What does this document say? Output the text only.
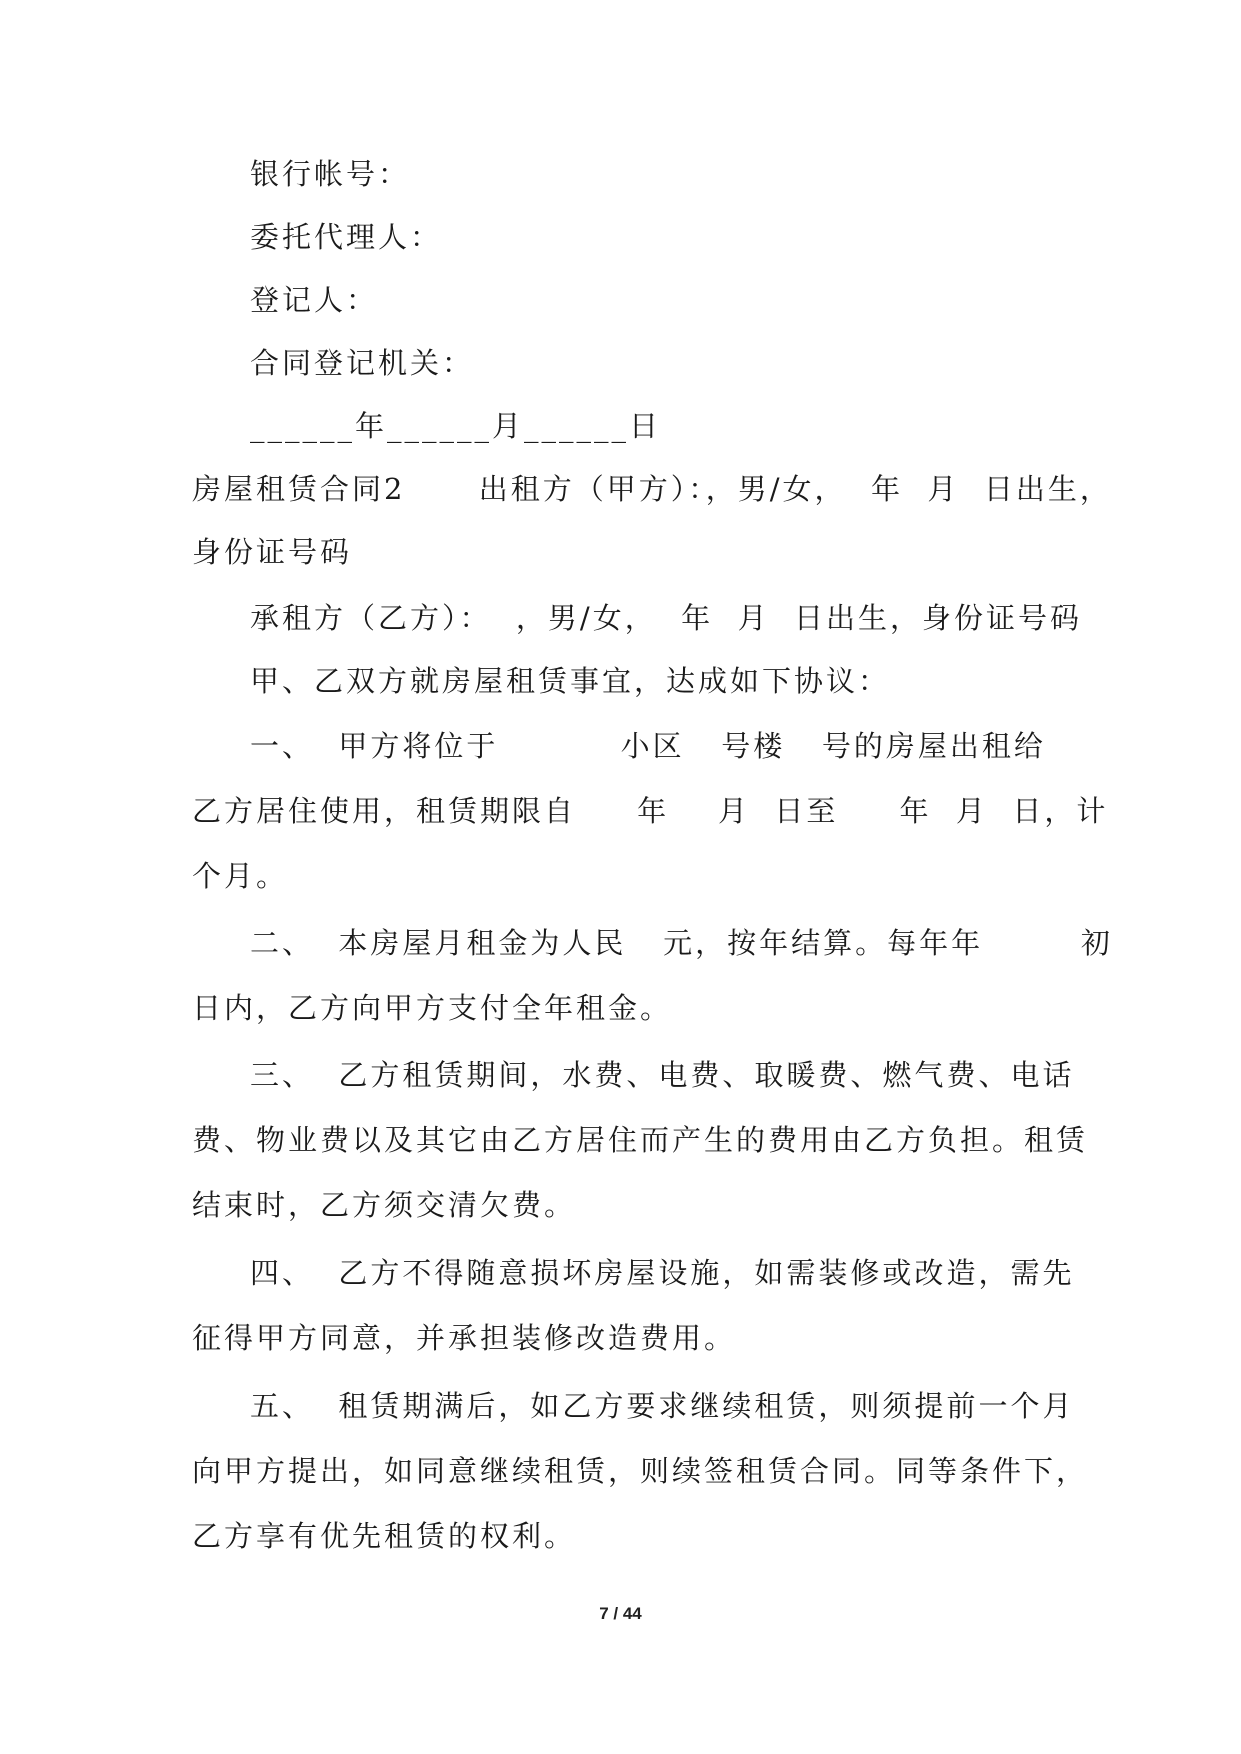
银行帐号：
委托代理人：
登记人：
合同登记机关：
______年______月______日
房屋租赁合同2      出租方（甲方）：，男/女，  年  月  日出生，
身份证号码
承租方（乙方）：  ，男/女，  年  月  日出生，身份证号码
甲、乙双方就房屋租赁事宜，达成如下协议：
一、  甲方将位于          小区   号楼   号的房屋出租给
乙方居住使用，租赁期限自     年    月  日至     年  月  日，计
个月。
二、  本房屋月租金为人民   元，按年结算。每年年        初
日内，乙方向甲方支付全年租金。
三、  乙方租赁期间，水费、电费、取暖费、燃气费、电话
费、物业费以及其它由乙方居住而产生的费用由乙方负担。租赁
结束时，乙方须交清欠费。
四、  乙方不得随意损坏房屋设施，如需装修或改造，需先
征得甲方同意，并承担装修改造费用。
五、  租赁期满后，如乙方要求继续租赁，则须提前一个月
向甲方提出，如同意继续租赁，则续签租赁合同。同等条件下，
乙方享有优先租赁的权利。
7 / 44
